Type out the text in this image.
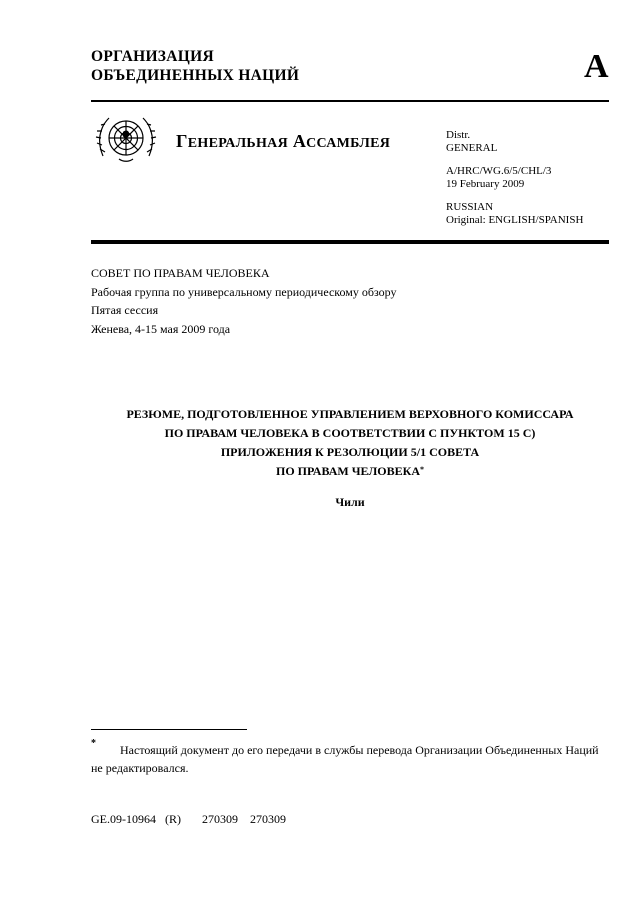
ОРГАНИЗАЦИЯ
ОБЪЕДИНЕННЫХ НАЦИЙ	A
ГЕНЕРАЛЬНАЯ АССАМБЛЕЯ
Distr.
GENERAL
A/HRC/WG.6/5/CHL/3
19 February 2009
RUSSIAN
Original: ENGLISH/SPANISH
СОВЕТ ПО ПРАВАМ ЧЕЛОВЕКА
Рабочая группа по универсальному периодическому обзору
Пятая сессия
Женева, 4-15 мая 2009 года
РЕЗЮМЕ, ПОДГОТОВЛЕННОЕ УПРАВЛЕНИЕМ ВЕРХОВНОГО КОМИССАРА
ПО ПРАВАМ ЧЕЛОВЕКА В СООТВЕТСТВИИ С ПУНКТОМ 15 С)
ПРИЛОЖЕНИЯ К РЕЗОЛЮЦИИ 5/1 СОВЕТА
ПО ПРАВАМ ЧЕЛОВЕКА*
Чили
*	Настоящий документ до его передачи в службы перевода Организации Объединенных Наций не редактировался.
GE.09-10964   (R)       270309    270309
